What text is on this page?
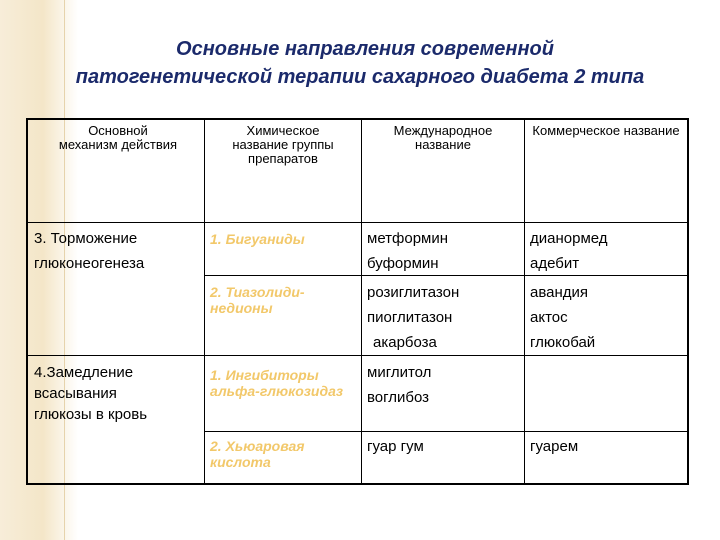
Основные направления современной
патогенетической терапии сахарного диабета 2 типа
Основной механизм действия
Химическое название группы препаратов
Международное название
Коммерческое название
3. Торможение глюконеогенеза
1. Бигуаниды	метформин
буформин
дианормед
адебит
2. Тиазолиди-недионы
розиглитазон
пиоглитазон
акарбоза
авандия
актос
глюкобай
4.Замедление всасывания глюкозы в кровь
1. Ингибиторы альфа-глюкозидаз
миглитол
воглибоз
2. Хьюаровая кислота
гуар гум	гуарем
